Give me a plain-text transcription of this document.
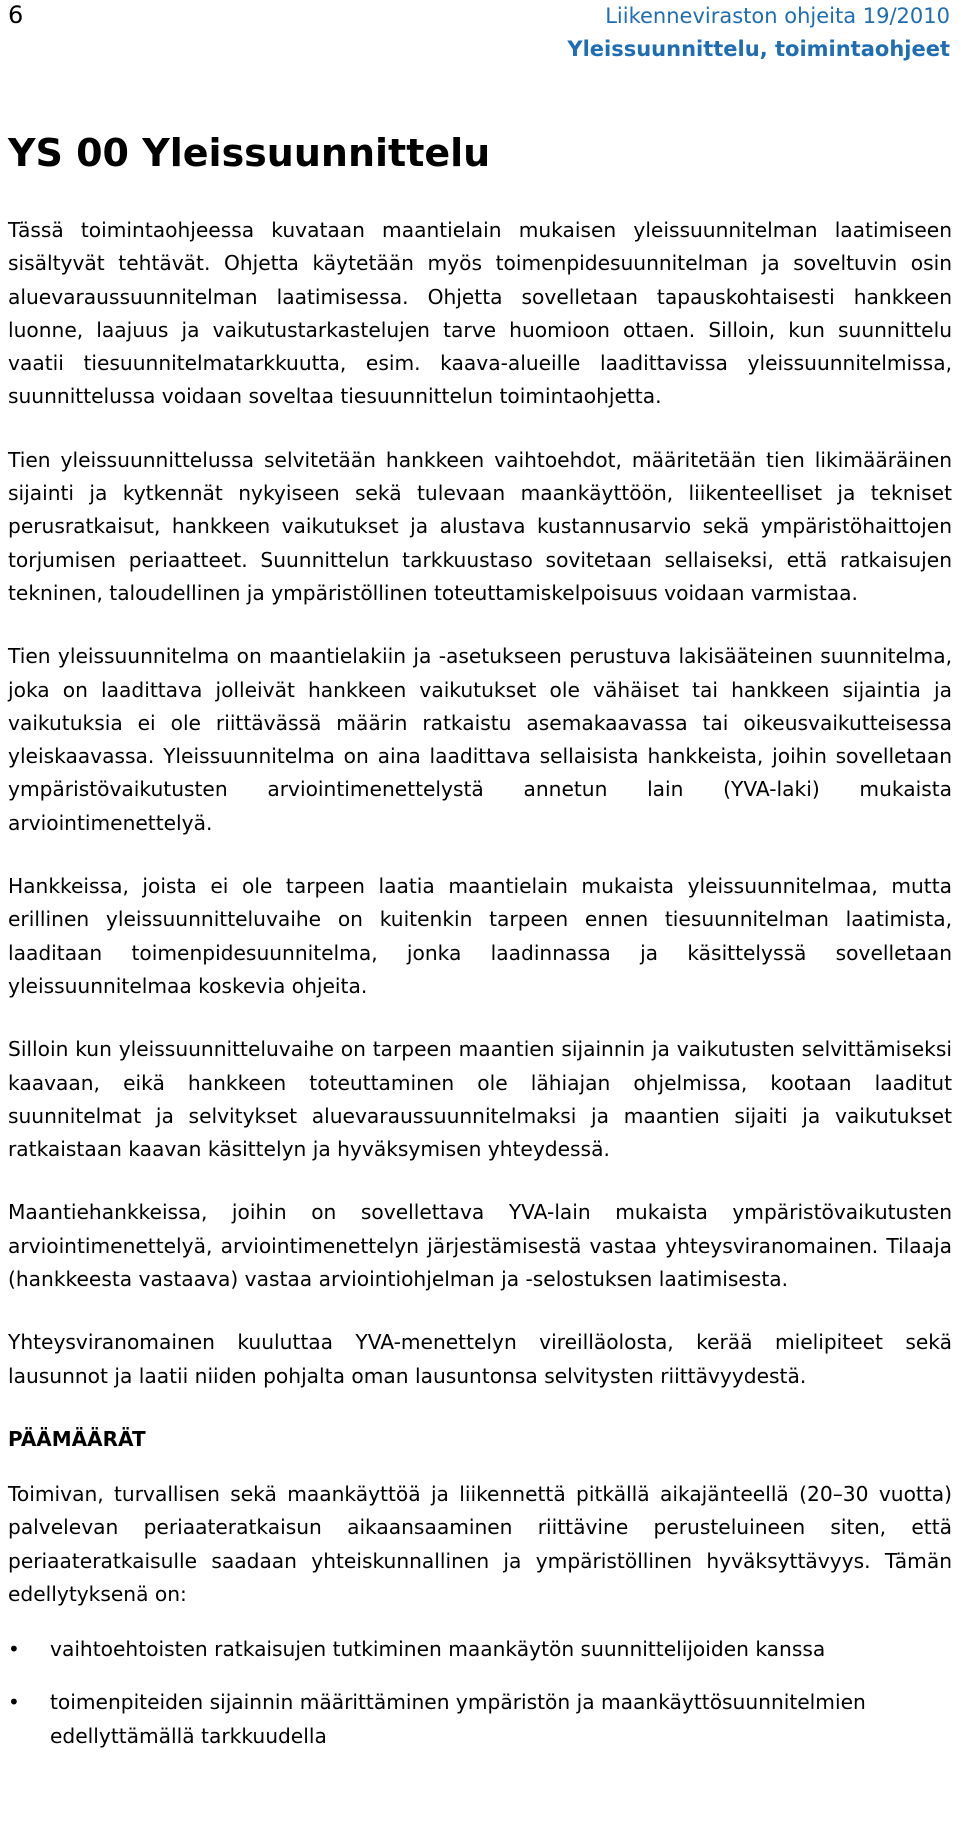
6	Liikenneviraston ohjeita 19/2010
Yleissuunnittelu, toimintaohjeet
YS 00 Yleissuunnittelu

Tässä toimintaohjeessa kuvataan maantielain mukaisen yleissuunnitelman laatimiseen sisältyvät tehtävät. Ohjetta käytetään myös toimenpidesuunnitelman ja soveltuvin osin aluevaraussuunnitelman laatimisessa. Ohjetta sovelletaan tapauskohtaisesti hankkeen luonne, laajuus ja vaikutustarkastelujen tarve huomioon ottaen. Silloin, kun suunnittelu vaatii tiesuunnitelmatarkkuutta, esim. kaava-alueille laadittavissa yleissuunnitelmissa, suunnittelussa voidaan soveltaa tiesuunnittelun toimintaohjetta.

Tien yleissuunnittelussa selvitetään hankkeen vaihtoehdot, määritetään tien likimääräinen sijainti ja kytkennät nykyiseen sekä tulevaan maankäyttöön, liikenteelliset ja tekniset perusratkaisut, hankkeen vaikutukset ja alustava kustannusarvio sekä ympäristöhaittojen torjumisen periaatteet. Suunnittelun tarkkuustaso sovitetaan sellaiseksi, että ratkaisujen tekninen, taloudellinen ja ympäristöllinen toteuttamiskelpoisuus voidaan varmistaa.

Tien yleissuunnitelma on maantielakiin ja -asetukseen perustuva lakisääteinen suunnitelma, joka on laadittava jolleivät hankkeen vaikutukset ole vähäiset tai hankkeen sijaintia ja vaikutuksia ei ole riittävässä määrin ratkaistu asemakaavassa tai oikeusvaikutteisessa yleiskaavassa. Yleissuunnitelma on aina laadittava sellaisista hankkeista, joihin sovelletaan ympäristövaikutusten arviointimenettelystä annetun lain (YVA-laki) mukaista arviointimenettelyä.

Hankkeissa, joista ei ole tarpeen laatia maantielain mukaista yleissuunnitelmaa, mutta erillinen yleissuunnitteluvaihe on kuitenkin tarpeen ennen tiesuunnitelman laatimista, laaditaan toimenpidesuunnitelma, jonka laadinnassa ja käsittelyssä sovelletaan yleissuunnitelmaa koskevia ohjeita.

Silloin kun yleissuunnitteluvaihe on tarpeen maantien sijainnin ja vaikutusten selvittämiseksi kaavaan, eikä hankkeen toteuttaminen ole lähiajan ohjelmissa, kootaan laaditut suunnitelmat ja selvitykset aluevaraussuunnitelmaksi ja maantien sijaiti ja vaikutukset ratkaistaan kaavan käsittelyn ja hyväksymisen yhteydessä.

Maantiehankkeissa, joihin on sovellettava YVA-lain mukaista ympäristövaikutusten arviointimenettelyä, arviointimenettelyn järjestämisestä vastaa yhteysviranomainen. Tilaaja (hankkeesta vastaava) vastaa arviointiohjelman ja -selostuksen laatimisesta.

Yhteysviranomainen kuuluttaa YVA-menettelyn vireilläolosta, kerää mielipiteet sekä lausunnot ja laatii niiden pohjalta oman lausuntonsa selvitysten riittävyydestä.

PÄÄMÄÄRÄT

Toimivan, turvallisen sekä maankäyttöä ja liikennettä pitkällä aikajänteellä (20–30 vuotta) palvelevan periaateratkaisun aikaansaaminen riittävine perusteluineen siten, että periaateratkaisulle saadaan yhteiskunnallinen ja ympäristöllinen hyväksyttävyys. Tämän edellytyksenä on:

• vaihtoehtoisten ratkaisujen tutkiminen maankäytön suunnittelijoiden kanssa
• toimenpiteiden sijainnin määrittäminen ympäristön ja maankäyttösuunnitelmien edellyttämällä tarkkuudella
